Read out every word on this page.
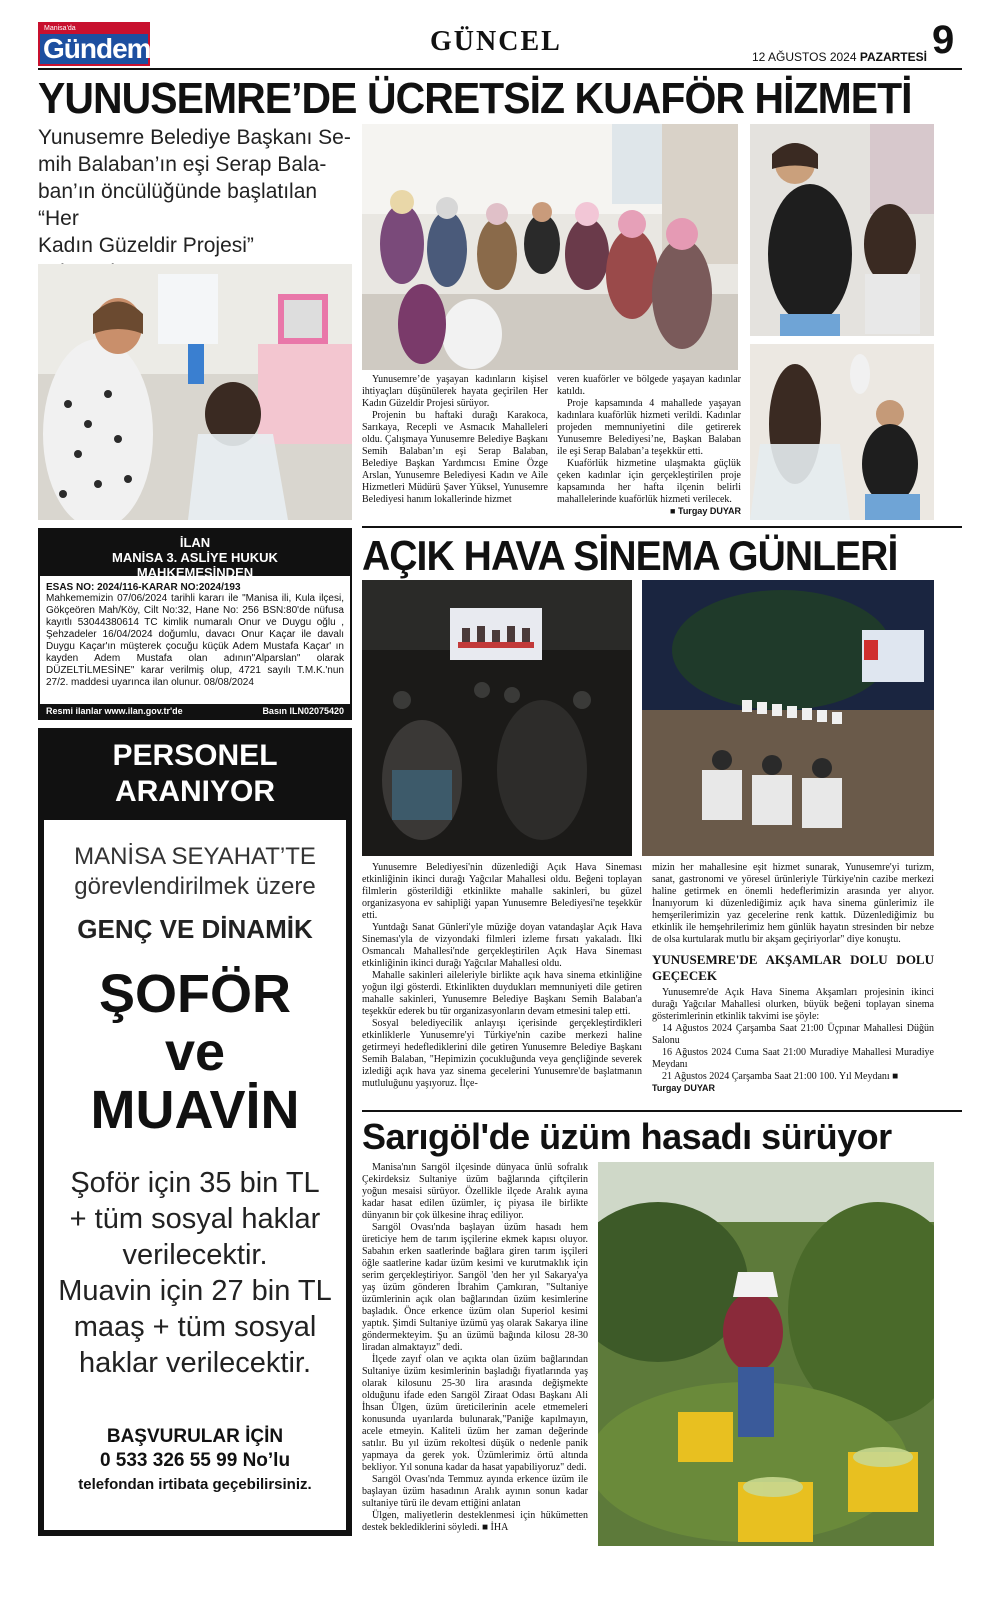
Manisa'da
Gündem	GÜNCEL	12 AĞUSTOS 2024 PAZARTESİ 9
YUNUSEMRE’DE ÜCRETSİZ KUAFÖR HİZMETİ
Yunusemre Belediye Başkanı Se-
mih Balaban’ın eşi Serap Bala-
ban’ın öncülüğünde başlatılan “Her
Kadın Güzeldir Projesi”

Yunusemre’de yaşayan kadınların kişisel ihtiyaçları düşünülerek hayata geçirilen Her Kadın Güzeldir Projesi sürüyor.

Projenin bu haftaki durağı Karakoca, Sarıkaya, Recepli ve Asmacık Mahalleleri oldu. Çalışmaya Yunusemre Belediye Başkanı Semih Balaban’ın eşi Serap Balaban, Belediye Başkan Yardımcısı Emine Özge Arslan, Yunusemre Belediyesi Kadın ve Aile Hizmetleri Müdürü Şaver Yüksel, Yunusemre Belediyesi hanım lokallerinde hizmet

veren kuaförler ve bölgede yaşayan kadınlar katıldı.

Proje kapsamında 4 mahallede yaşayan kadınlara kuaförlük hizmeti verildi. Kadınlar projeden memnuniyetini dile getirerek Yunusemre Belediyesi’ne, Başkan Balaban ile eşi Serap Balaban’a teşekkür etti.

Kuaförlük hizmetine ulaşmakta güçlük çeken kadınlar için gerçekleştirilen proje kapsamında her hafta ilçenin belirli mahallelerinde kuaförlük hizmeti verilecek.

■ Turgay DUYAR
İLAN
MANİSA 3. ASLİYE HUKUK
MAHKEMESİNDEN
ESAS NO: 2024/116-KARAR NO:2024/193
Mahkememizin 07/06/2024 tarihli kararı ile "Manisa ili, Kula ilçesi, Gökçeören Mah/Köy, Cilt No:32, Hane No: 256 BSN:80'de nüfusa kayıtlı 53044380614 TC kimlik numaralı Onur ve Duygu oğlu , Şehzadeler 16/04/2024 doğumlu, davacı Onur Kaçar ile davalı Duygu Kaçar'ın müşterek çocuğu küçük Adem Mustafa Kaçar' ın kayden Adem Mustafa olan adının"Alparslan" olarak DÜZELTİLMESİNE" karar verilmiş olup, 4721 sayılı T.M.K.'nun 27/2. maddesi uyarınca ilan olunur. 08/08/2024
Resmi ilanlar www.ilan.gov.tr'de	Basın ILN02075420
PERSONEL
ARANIYOR
MANİSA SEYAHAT’TE
görevlendirilmek üzere
GENÇ VE DİNAMİK
ŞOFÖR
ve
MUAVİN
Şoför için 35 bin TL
+ tüm sosyal haklar
verilecektir.
Muavin için 27 bin TL
maaş + tüm sosyal
haklar verilecektir.
BAŞVURULAR İÇİN
0 533 326 55 99 No’lu
telefondan irtibata geçebilirsiniz.
AÇIK HAVA SİNEMA GÜNLERİ

Yunusemre Belediyesi'nin düzenlediği Açık Hava Sineması etkinliğinin ikinci durağı Yağcılar Mahallesi oldu. Beğeni toplayan filmlerin gösterildiği etkinlikte mahalle sakinleri, bu güzel organizasyona ev sahipliği yapan Yunusemre Belediyesi'ne teşekkür etti.

Yuntdağı Sanat Günleri'yle müziğe doyan vatandaşlar Açık Hava Sineması'yla de vizyondaki filmleri izleme fırsatı yakaladı. İlki Osmancalı Mahallesi'nde gerçekleştirilen Açık Hava Sineması etkinliğinin ikinci durağı Yağcılar Mahallesi oldu.

Mahalle sakinleri aileleriyle birlikte açık hava sinema etkinliğine yoğun ilgi gösterdi. Etkinlikten duydukları memnuniyeti dile getiren mahalle sakinleri, Yunusemre Belediye Başkanı Semih Balaban'a teşekkür ederek bu tür organizasyonların devam etmesini talep etti.

Sosyal belediyecilik anlayışı içerisinde gerçekleştirdikleri etkinliklerle Yunusemre'yi Türkiye'nin cazibe merkezi haline getirmeyi hedeflediklerini dile getiren Yunusemre Belediye Başkanı Semih Balaban, "Hepimizin çocukluğunda veya gençliğinde severek izlediği açık hava yaz sinema gecelerini Yunusemre'de başlatmanın mutluluğunu yaşıyoruz. İlçe-

mizin her mahallesine eşit hizmet sunarak, Yunusemre'yi turizm, sanat, gastronomi ve yöresel ürünleriyle Türkiye'nin cazibe merkezi haline getirmek en önemli hedeflerimizin arasında yer alıyor. İnanıyorum ki düzenlediğimiz açık hava sinema günlerimiz ile hemşerilerimizin yaz gecelerine renk kattık. Düzenlediğimiz bu etkinlik ile hemşehrilerimiz hem günlük hayatın stresinden bir nebze de olsa kurtularak mutlu bir akşam geçiriyorlar" diye konuştu.

YUNUSEMRE'DE AKŞAMLAR DOLU DOLU GEÇECEK

Yunusemre'de Açık Hava Sinema Akşamları projesinin ikinci durağı Yağcılar Mahallesi olurken, büyük beğeni toplayan sinema gösterimlerinin etkinlik takvimi ise şöyle:

14 Ağustos 2024 Çarşamba Saat 21:00 Üçpınar Mahallesi Düğün Salonu

16 Ağustos 2024 Cuma Saat 21:00 Muradiye Mahallesi Muradiye Meydanı

21 Ağustos 2024 Çarşamba Saat 21:00 100. Yıl Meydanı ■

Turgay DUYAR
Sarıgöl'de üzüm hasadı sürüyor

Manisa'nın Sarıgöl ilçesinde dünyaca ünlü sofralık Çekirdeksiz Sultaniye üzüm bağlarında çiftçilerin yoğun mesaisi sürüyor. Özellikle ilçede Aralık ayına kadar hasat edilen üzümler, iç piyasa ile birlikte dünyanın bir çok ülkesine ihraç ediliyor.

Sarıgöl Ovası'nda başlayan üzüm hasadı hem üreticiye hem de tarım işçilerine ekmek kapısı oluyor. Sabahın erken saatlerinde bağlara giren tarım işçileri öğle saatlerine kadar üzüm kesimi ve kurutmaklık için serim gerçekleştiriyor. Sarıgöl 'den her yıl Sakarya'ya yaş üzüm gönderen İbrahim Çamkıran, "Sultaniye üzümlerinin açık olan bağlarından üzüm kesimlerine başladık. Önce erkence üzüm olan Superiol kesimi yaptık. Şimdi Sultaniye üzümü yaş olarak Sakarya iline göndermekteyim. Şu an üzümü bağında kilosu 28-30 liradan almaktayız" dedi.

İlçede zayıf olan ve açıkta olan üzüm bağlarından Sultaniye üzüm kesimlerinin başladığı fiyatlarında yaş olarak kilosunu 25-30 lira arasında değişmekte olduğunu ifade eden Sarıgöl Ziraat Odası Başkanı Ali İhsan Ülgen, üzüm üreticilerinin acele etmemeleri konusunda uyarılarda bulunarak,"Paniğe kapılmayın, acele etmeyin. Kaliteli üzüm her zaman değerinde satılır. Bu yıl üzüm rekoltesi düşük o nedenle panik yapmaya da gerek yok. Üzümlerimiz örtü altında bekliyor. Yıl sonuna kadar da hasat yapabiliyoruz" dedi.

Sarıgöl Ovası'nda Temmuz ayında erkence üzüm ile başlayan üzüm hasadının Aralık ayının sonun kadar sultaniye türü ile devam ettiğini anlatan

Ülgen, maliyetlerin desteklenmesi için hükümetten destek beklediklerini söyledi. ■ İHA
